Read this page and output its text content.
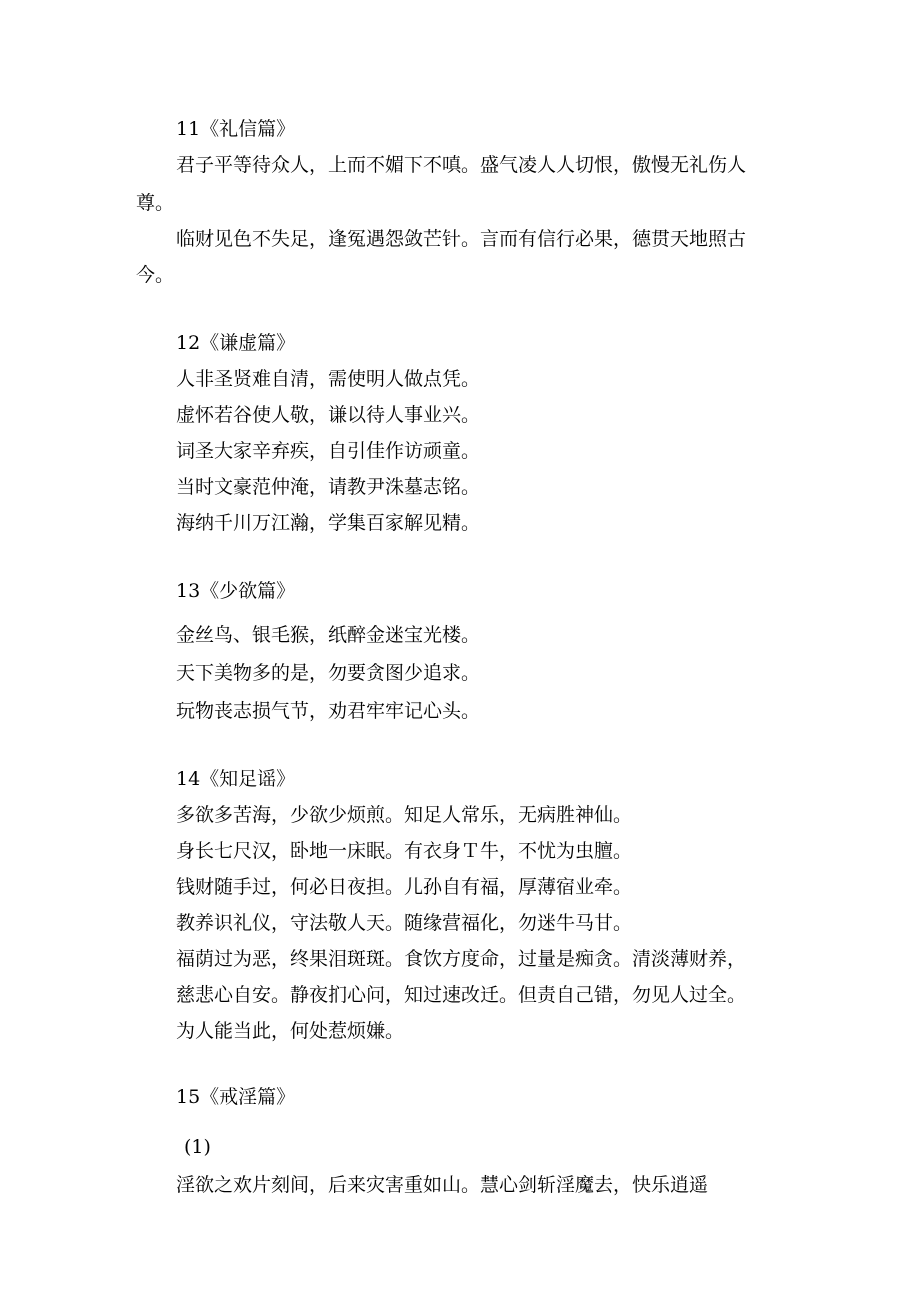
11《礼信篇》
君子平等待众人，上而不媚下不嗔。盛气凌人人切恨，傲慢无礼伤人
尊。
临财见色不失足，逢冤遇怨敛芒针。言而有信行必果，德贯天地照古
今。
12《谦虚篇》
人非圣贤难自清，需使明人做点凭。
虚怀若谷使人敬，谦以待人事业兴。
词圣大家辛弃疾，自引佳作访顽童。
当时文豪范仲淹，请教尹洙墓志铭。
海纳千川万江瀚，学集百家解见精。
13《少欲篇》
金丝鸟、银毛猴，纸醉金迷宝光楼。
天下美物多的是，勿要贪图少追求。
玩物丧志损气节，劝君牢牢记心头。
14《知足谣》
多欲多苦海，少欲少烦煎。知足人常乐，无病胜神仙。
身长七尺汉，卧地一床眠。有衣身Ｔ牛，不忧为虫膻。
钱财随手过，何必日夜担。儿孙自有福，厚薄宿业牵。
教养识礼仪，守法敬人天。随缘营福化，勿迷牛马甘。
福荫过为恶，终果泪斑斑。食饮方度命，过量是痴贪。清淡薄财养，
慈悲心自安。静夜扪心问，知过速改迁。但责自己错，勿见人过全。
为人能当此，何处惹烦嫌。
15《戒淫篇》
(1)
淫欲之欢片刻间，后来灾害重如山。慧心剑斩淫魔去，快乐逍遥
